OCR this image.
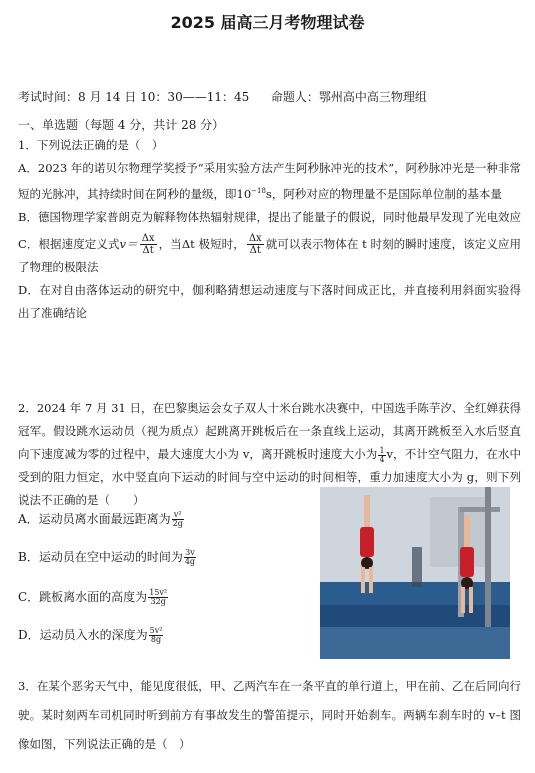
2025 届高三月考物理试卷
考试时间：8 月 14 日 10：30——11：45 命题人：鄂州高中高三物理组
一、单选题（每题 4 分，共计 28 分）
1．下列说法正确的是（　）
A．2023 年的诺贝尔物理学奖授予“采用实验方法产生阿秒脉冲光的技术”，阿秒脉冲光是一种非常短的光脉冲，其持续时间在阿秒的量级，即$10^{-18}s$，阿秒对应的物理量不是国际单位制的基本量
B．德国物理学家普朗克为解释物体热辐射规律，提出了能量子的假说，同时他最早发现了光电效应
C．根据速度定义式$v= \frac{\Delta x}{\Delta t}$ ，当Δt 极短时， $\frac{\Delta x}{\Delta t}$ 就可以表示物体在 t 时刻的瞬时速度，该定义应用了物理的极限法
D．在对自由落体运动的研究中，伽利略猜想运动速度与下落时间成正比，并直接利用斜面实验得出了准确结论
2．2024 年 7 月 31 日，在巴黎奥运会女子双人十米台跳水决赛中，中国选手陈芋汐、全红婵获得冠军。假设跳水运动员（视为质点）起跳离开跳板后在一条直线上运动，其离开跳板至入水后竖直向下速度减为零的过程中，最大速度大小为 v，离开跳板时速度大小为 $\frac{1}{4}$ v，不计空气阻力，在水中受到的阻力恒定，水中竖直向下运动的时间与空中运动的时间相等，重力加速度大小为 g，则下列说法不正确的是（　　）
A．运动员离水面最远距离为 $\frac{\text{v²}}{2g}$
B．运动员在空中运动的时间为 $\frac{3v}{4g}$
C．跳板离水面的高度为 $\frac{\text{15v²}}{32g}$
D．运动员入水的深度为 $\frac{\text{5v²}}{8g}$
3．在某个恶劣天气中，能见度很低，甲、乙两汽车在一条平直的单行道上，甲在前、乙在后同向行驶。某时刻两车司机同时听到前方有事故发生的警笛提示，同时开始刹车。两辆车刹车时的 v–t 图像如图，下列说法正确的是（　）
